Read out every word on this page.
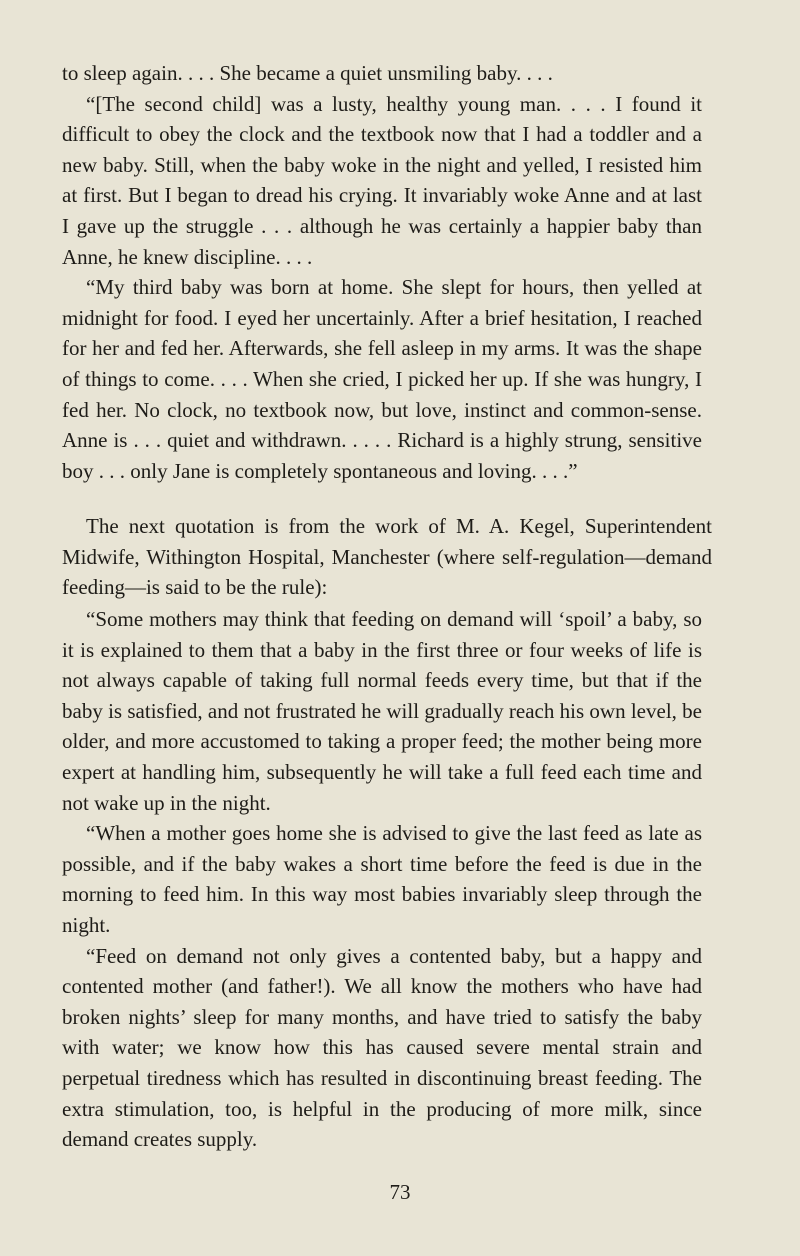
to sleep again. . . . She became a quiet unsmiling baby. . . .

“[The second child] was a lusty, healthy young man. . . . I found it difficult to obey the clock and the textbook now that I had a toddler and a new baby. Still, when the baby woke in the night and yelled, I resisted him at first. But I began to dread his crying. It invariably woke Anne and at last I gave up the struggle . . . although he was certainly a happier baby than Anne, he knew discipline. . . .

“My third baby was born at home. She slept for hours, then yelled at midnight for food. I eyed her uncertainly. After a brief hesitation, I reached for her and fed her. Afterwards, she fell asleep in my arms. It was the shape of things to come. . . . When she cried, I picked her up. If she was hungry, I fed her. No clock, no textbook now, but love, instinct and common-sense. Anne is . . . quiet and withdrawn. . . . . Richard is a highly strung, sensitive boy . . . only Jane is completely spontaneous and loving. . . .”

The next quotation is from the work of M. A. Kegel, Superintendent Midwife, Withington Hospital, Manchester (where self-regulation—demand feeding—is said to be the rule):

“Some mothers may think that feeding on demand will ‘spoil’ a baby, so it is explained to them that a baby in the first three or four weeks of life is not always capable of taking full normal feeds every time, but that if the baby is satisfied, and not frustrated he will gradually reach his own level, be older, and more accustomed to taking a proper feed; the mother being more expert at handling him, subsequently he will take a full feed each time and not wake up in the night.

“When a mother goes home she is advised to give the last feed as late as possible, and if the baby wakes a short time before the feed is due in the morning to feed him. In this way most babies invariably sleep through the night.

“Feed on demand not only gives a contented baby, but a happy and contented mother (and father!). We all know the mothers who have had broken nights’ sleep for many months, and have tried to satisfy the baby with water; we know how this has caused severe mental strain and perpetual tiredness which has resulted in discontinuing breast feeding. The extra stimulation, too, is helpful in the producing of more milk, since demand creates supply.

73
